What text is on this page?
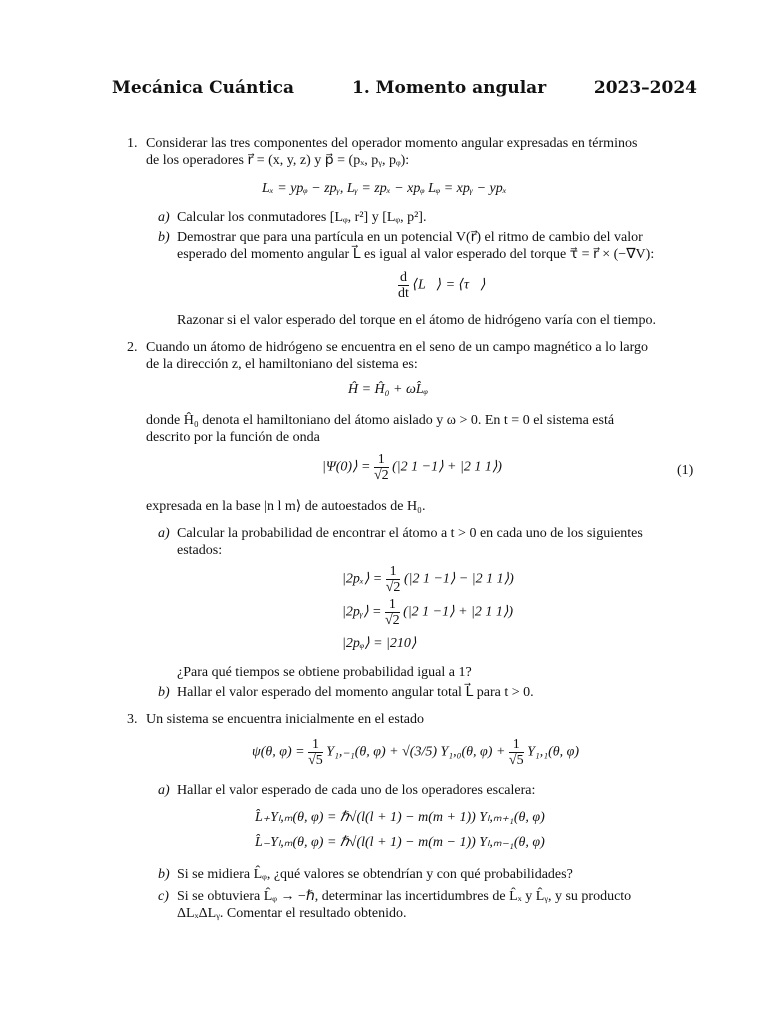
Mecánica Cuántica	1. Momento angular	2023–2024
1. Considerar las tres componentes del operador momento angular expresadas en términos
de los operadores r⃗ = (x, y, z) y p⃗ = (pₓ, pᵧ, pᵩ):
Lₓ = ypᵩ − zpᵧ, Lᵧ = zpₓ − xpᵩ Lᵩ = xpᵧ − ypₓ
a) Calcular los conmutadores [Lᵩ, r²] y [Lᵩ, p²].
b) Demostrar que para una partícula en un potencial V(r⃗) el ritmo de cambio del valor
esperado del momento angular L⃗ es igual al valor esperado del torque τ⃗ = r⃗ × (−∇V):
$\frac{d}{dt}$ ⟨L⃗⟩ = ⟨τ⃗⟩
Razonar si el valor esperado del torque en el átomo de hidrógeno varía con el tiempo.
2. Cuando un átomo de hidrógeno se encuentra en el seno de un campo magnético a lo largo
de la dirección z, el hamiltoniano del sistema es:
Ĥ = Ĥ₀ + ωL̂ᵩ
donde Ĥ₀ denota el hamiltoniano del átomo aislado y ω > 0. En t = 0 el sistema está
descrito por la función de onda
|Ψ(0)⟩ = $\frac{1}{√2} (|2$ 1 −1⟩ + |2 1 1⟩)	(1)
expresada en la base |n l m⟩ de autoestados de H₀.
a) Calcular la probabilidad de encontrar el átomo a t > 0 en cada uno de los siguientes
estados:
|2pₓ⟩ = $\frac{1}{√2} (|2$ 1 −1⟩ − |2 1 1⟩)
|2pᵧ⟩ = $\frac{1}{√2} (|2$ 1 −1⟩ + |2 1 1⟩)
|2pᵩ⟩ = |210⟩
¿Para qué tiempos se obtiene probabilidad igual a 1?
b) Hallar el valor esperado del momento angular total L⃗ para t > 0.
3. Un sistema se encuentra inicialmente en el estado
ψ(θ, $\varphi) = \frac{1}{√5} Y_1,_{-1}(\theta$, φ) + √(3/5) Y₁,₀(θ, $\varphi) + \frac{1}{√5} Y_1,_1(\theta$, φ)
a) Hallar el valor esperado de cada uno de los operadores escalera:
L̂₊Yₗ,ₘ(θ, φ) = ℏ√(l(l + 1) − m(m + 1)) Yₗ,ₘ₊₁(θ, φ)
L̂₋Yₗ,ₘ(θ, φ) = ℏ√(l(l + 1) − m(m − 1)) Yₗ,ₘ₋₁(θ, φ)
b) Si se midiera L̂ᵩ, ¿qué valores se obtendrían y con qué probabilidades?
c) Si se obtuviera L̂ᵩ → −ℏ, determinar las incertidumbres de L̂ₓ y L̂ᵧ, y su producto
ΔLₓΔLᵧ. Comentar el resultado obtenido.
